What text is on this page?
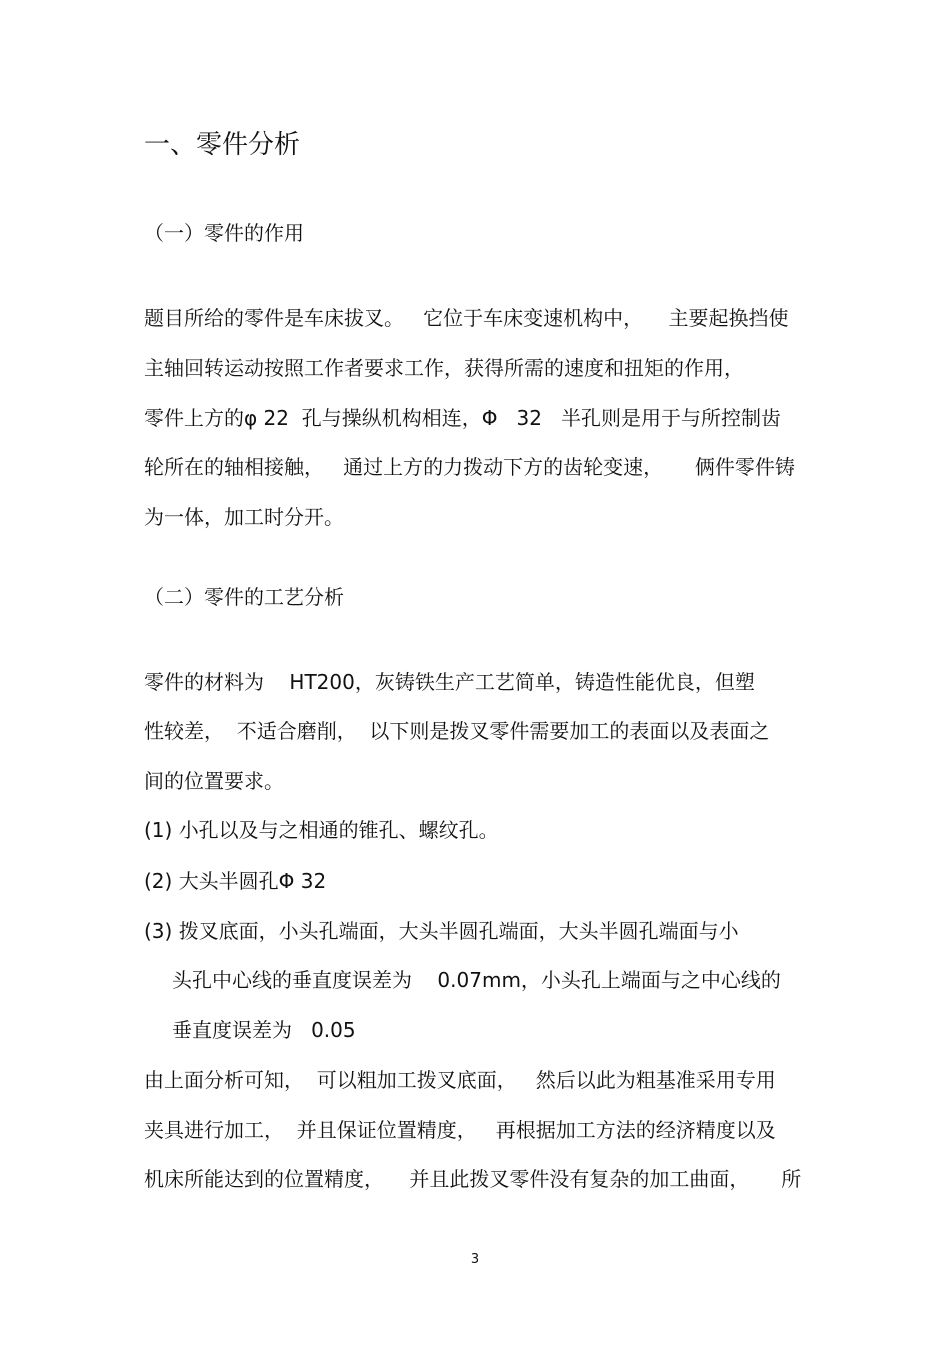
一、零件分析
（一）零件的作用
题目所给的零件是车床拔叉。   它位于车床变速机构中，    主要起换挡使
主轴回转运动按照工作者要求工作，获得所需的速度和扭矩的作用，
零件上方的φ 22  孔与操纵机构相连，Φ   32   半孔则是用于与所控制齿
轮所在的轴相接触，   通过上方的力拨动下方的齿轮变速，     俩件零件铸
为一体，加工时分开。
（二）零件的工艺分析
零件的材料为    HT200，灰铸铁生产工艺简单，铸造性能优良，但塑
性较差，  不适合磨削，  以下则是拨叉零件需要加工的表面以及表面之
间的位置要求。
(1) 小孔以及与之相通的锥孔、螺纹孔。
(2) 大头半圆孔Φ 32
(3) 拨叉底面，小头孔端面，大头半圆孔端面，大头半圆孔端面与小
头孔中心线的垂直度误差为    0.07mm，小头孔上端面与之中心线的
垂直度误差为   0.05
由上面分析可知，  可以粗加工拨叉底面，   然后以此为粗基准采用专用
夹具进行加工，  并且保证位置精度，   再根据加工方法的经济精度以及
机床所能达到的位置精度，    并且此拨叉零件没有复杂的加工曲面，     所
3
